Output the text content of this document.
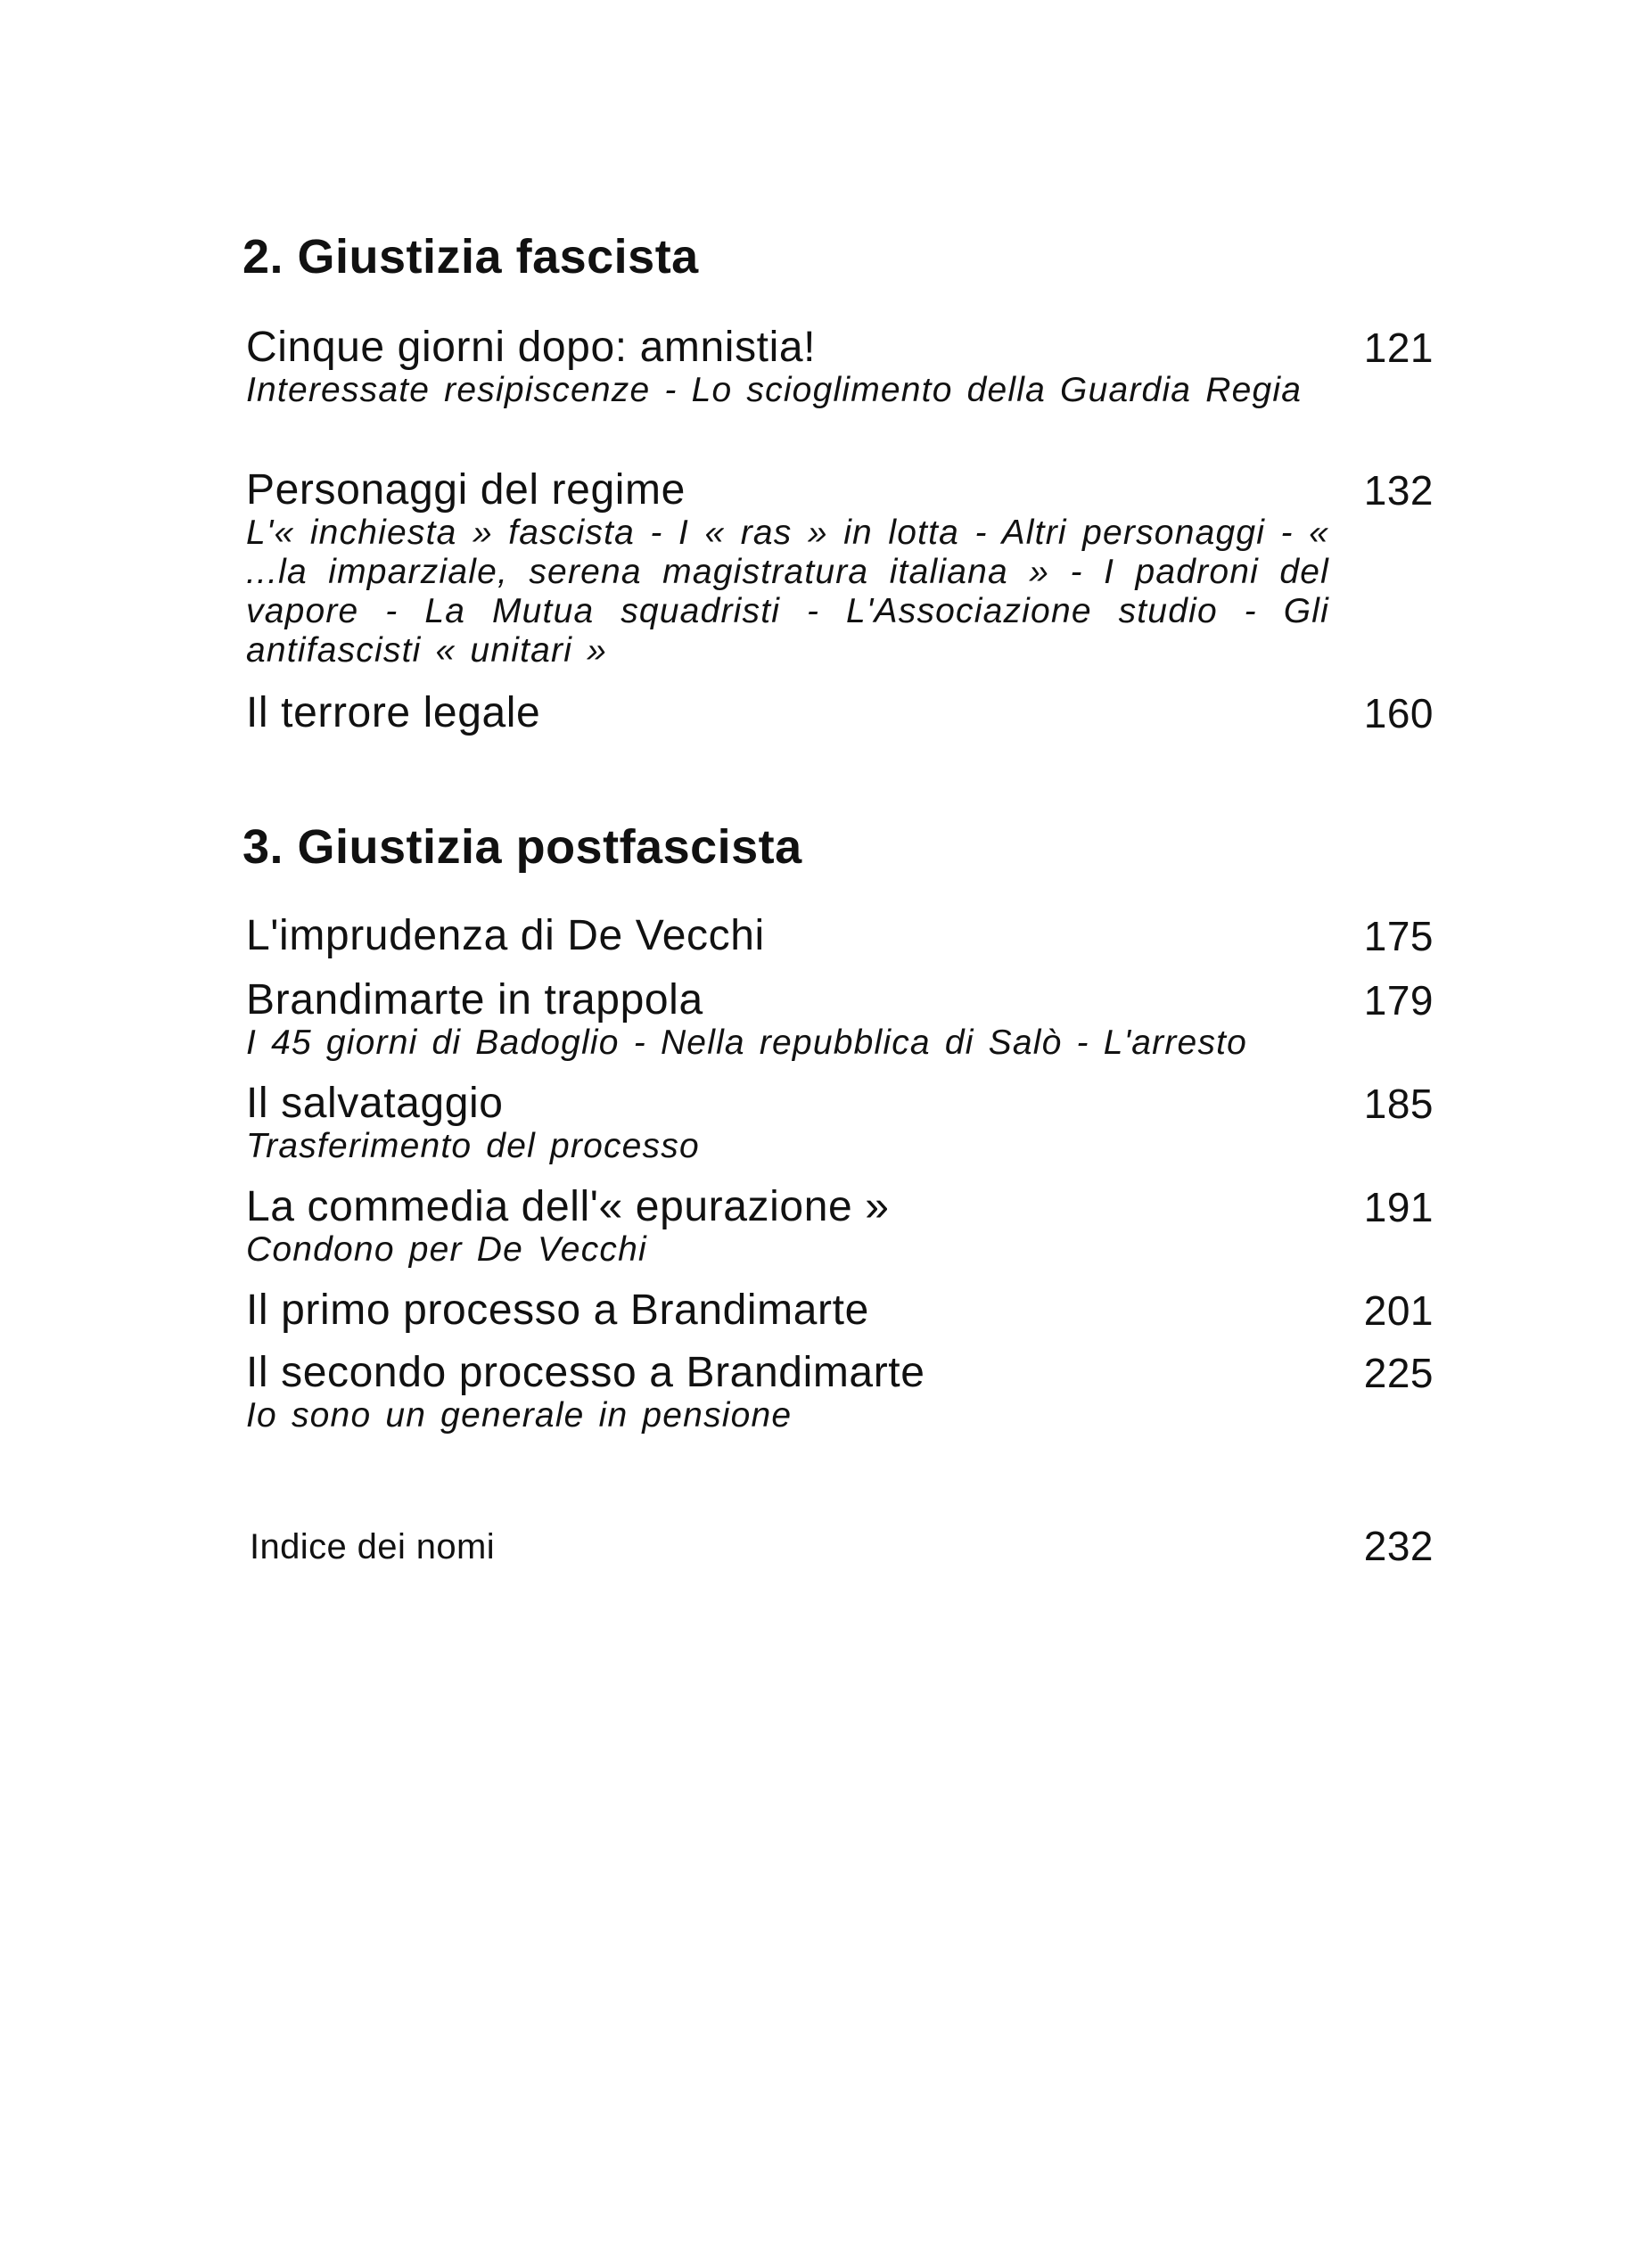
2. Giustizia fascista
Cinque giorni dopo: amnistia!	121
Interessate resipiscenze - Lo scioglimento della Guardia Regia
Personaggi del regime	132
L'« inchiesta » fascista - I « ras » in lotta - Altri personaggi - « ...la imparziale, serena magistratura italiana » - I padroni del vapore - La Mutua squadristi - L'Associazione studio - Gli antifascisti « unitari »
Il terrore legale	160
3. Giustizia postfascista
L'imprudenza di De Vecchi	175
Brandimarte in trappola	179
I 45 giorni di Badoglio - Nella repubblica di Salò - L'arresto
Il salvataggio	185
Trasferimento del processo
La commedia dell'« epurazione »	191
Condono per De Vecchi
Il primo processo a Brandimarte	201
Il secondo processo a Brandimarte	225
Io sono un generale in pensione
Indice dei nomi	232
